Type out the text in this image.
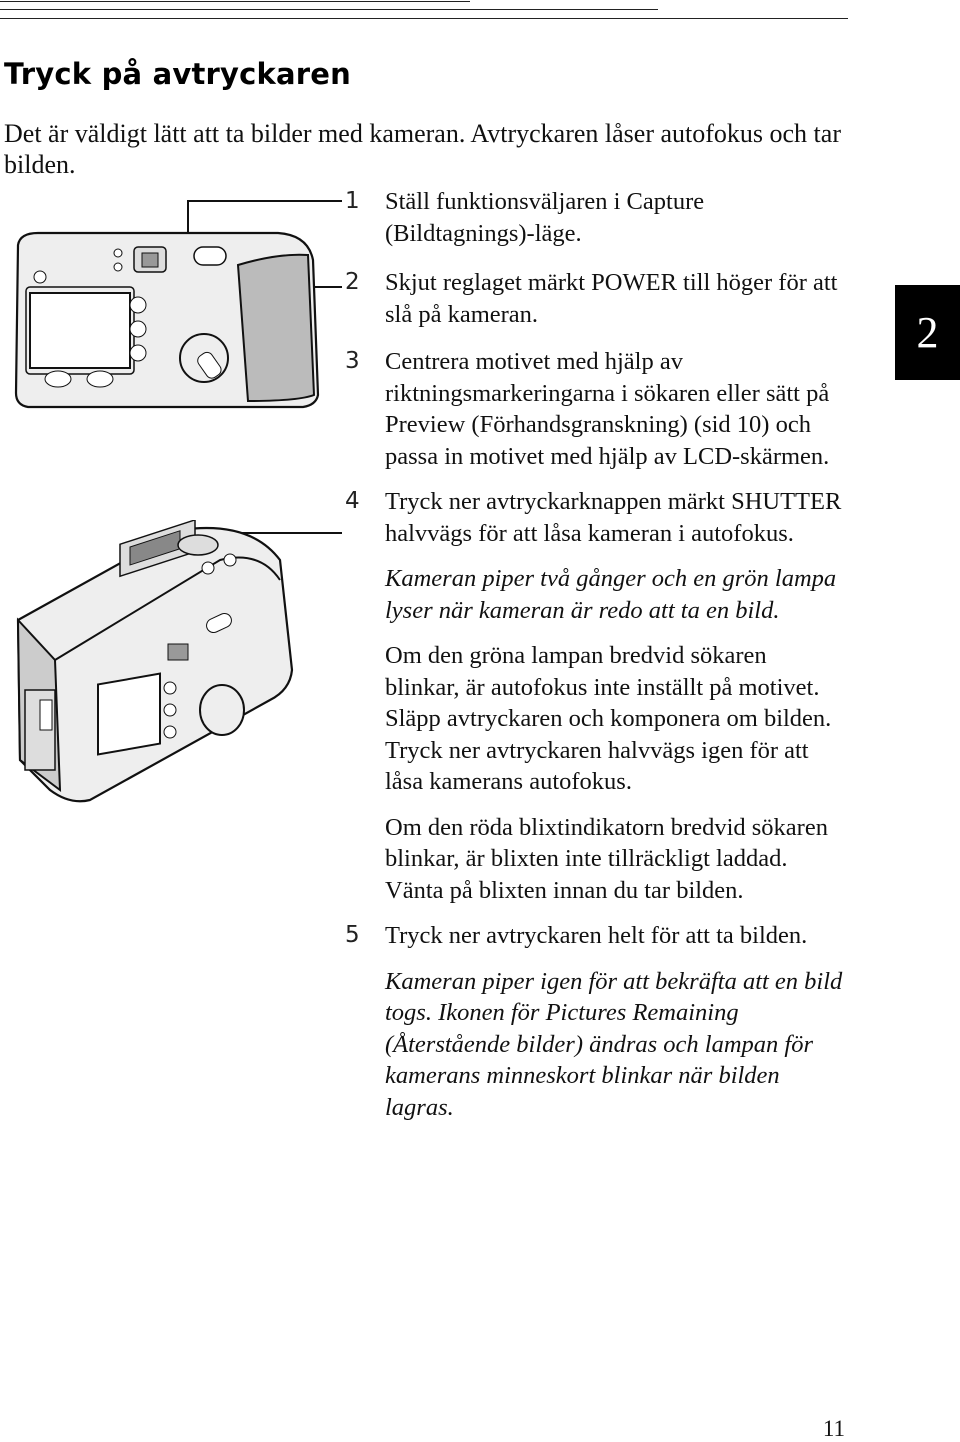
Tryck på avtryckaren

Det är väldigt lätt att ta bilder med kameran. Avtryckaren låser autofokus och tar bilden.

2
1 Ställ funktionsväljaren i Capture (Bildtagnings)-läge.
2 Skjut reglaget märkt POWER till höger för att slå på kameran.
3 Centrera motivet med hjälp av riktningsmarkeringarna i sökaren eller sätt på Preview (Förhandsgranskning) (sid 10) och passa in motivet med hjälp av LCD-skärmen.
4 Tryck ner avtryckarknappen märkt SHUTTER halvvägs för att låsa kameran i autofokus.
Kameran piper två gånger och en grön lampa lyser när kameran är redo att ta en bild.
Om den gröna lampan bredvid sökaren blinkar, är autofokus inte inställt på motivet. Släpp avtryckaren och komponera om bilden. Tryck ner avtryckaren halvvägs igen för att låsa kamerans autofokus.
Om den röda blixtindikatorn bredvid sökaren blinkar, är blixten inte tillräckligt laddad. Vänta på blixten innan du tar bilden.
5 Tryck ner avtryckaren helt för att ta bilden.
Kameran piper igen för att bekräfta att en bild togs. Ikonen för Pictures Remaining (Återstående bilder) ändras och lampan för kamerans minneskort blinkar när bilden lagras.
11
